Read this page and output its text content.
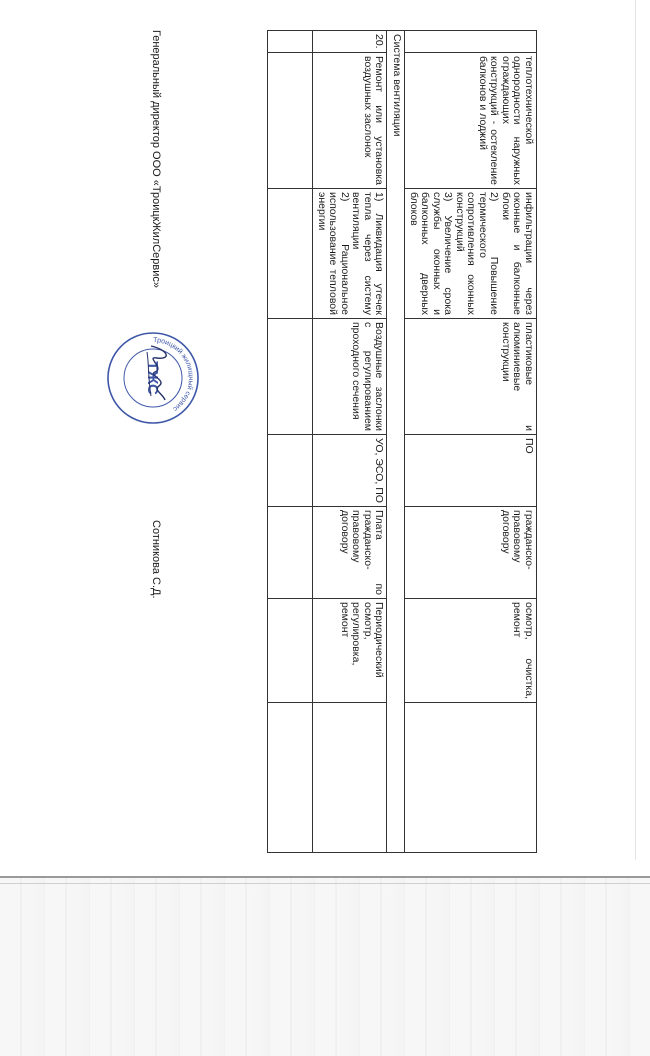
	теплотехнической однородности наружных ограждающих конструкций - остекление балконов и лоджий	инфильтрации через оконные и балконные блоки
2) Повышение термического сопротивления оконных конструкций
3) Увеличение срока службы оконных и балконных дверных блоков	пластиковые и алюминиевые конструкции	ПО	гражданско-правовому договору	осмотр, очистка, ремонт	
Система вентиляции							
20.	Ремонт или установка воздушных заслонок	1) Ликвидация утечек тепла через систему вентиляции
2) Рациональное использование тепловой энергии	Воздушные заслонки с регулированием проходного сечения	УО, ЭСО, ПО	Плата по гражданско-правовому договору	Периодический осмотр, регулировка, ремонт	

Генеральный директор ООО «ТроицкЖилСервис»
Сотникова С.Д.
Троицкий жилищный сервис
ТЖС
